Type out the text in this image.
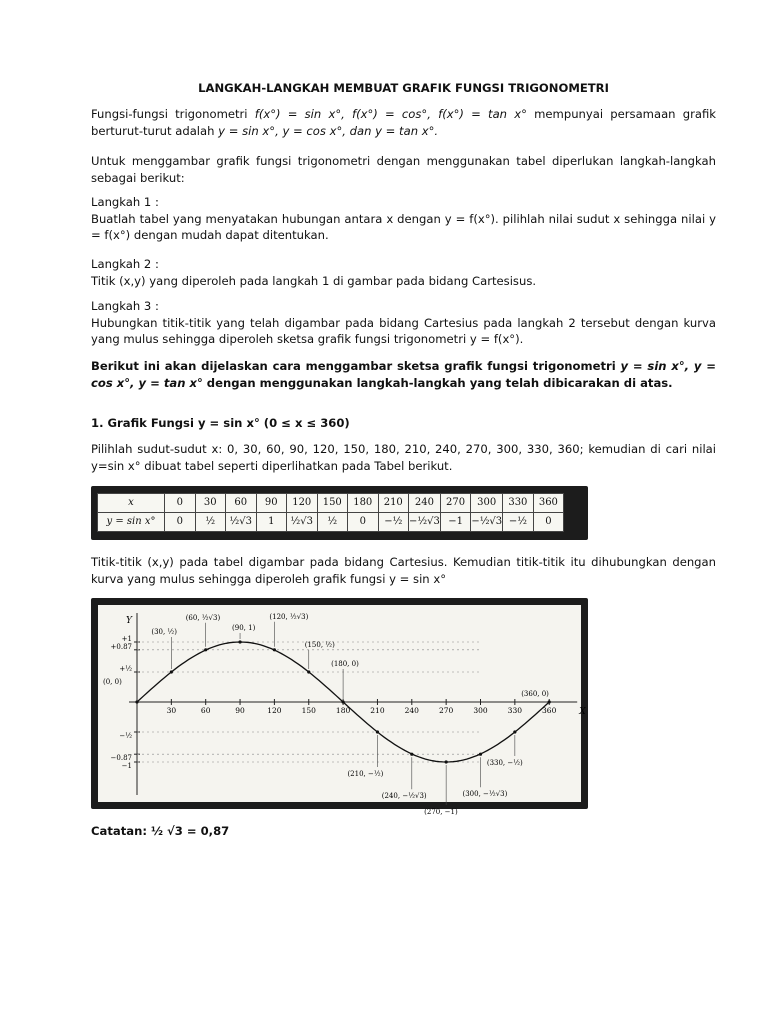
LANGKAH-LANGKAH MEMBUAT GRAFIK FUNGSI TRIGONOMETRI

Fungsi-fungsi trigonometri f(x°) = sin x°, f(x°) = cos°, f(x°) = tan x° mempunyai persamaan grafik berturut-turut adalah y = sin x°, y = cos x°, dan y = tan x°.

Untuk menggambar grafik fungsi trigonometri dengan menggunakan tabel diperlukan langkah-langkah sebagai berikut:

Langkah 1 :
Buatlah tabel yang menyatakan hubungan antara x dengan y = f(x°). pilihlah nilai sudut x sehingga nilai y = f(x°) dengan mudah dapat ditentukan.

Langkah 2 :
Titik (x,y) yang diperoleh pada langkah 1 di gambar pada bidang Cartesisus.

Langkah 3 :
Hubungkan titik-titik yang telah digambar pada bidang Cartesius pada langkah 2 tersebut dengan kurva yang mulus sehingga diperoleh sketsa grafik fungsi trigonometri y = f(x°).

Berikut ini akan dijelaskan cara menggambar sketsa grafik fungsi trigonometri y = sin x°, y = cos x°, y = tan x° dengan menggunakan langkah-langkah yang telah dibicarakan di atas.

1. Grafik Fungsi y = sin x° (0 ≤ x ≤ 360)

Pilihlah sudut-sudut x: 0, 30, 60, 90, 120, 150, 180, 210, 240, 270, 300, 330, 360; kemudian di cari nilai y=sin x° dibuat tabel seperti diperlihatkan pada Tabel berikut.

x	0	30	60	90	120	150	180	210	240	270	300	330	360
y = sin x°	0	½	½√3	1	½√3	½	0	−½	−½√3	−1	−½√3	−½	0

Titik-titik (x,y) pada tabel digambar pada bidang Cartesius. Kemudian titik-titik itu dihubungkan dengan kurva yang mulus sehingga diperoleh grafik fungsi y = sin x°

X
Y
30	60	90	120	150	180	210	240	270	300	330	360
+1
+0.87
+½
−½
−0.87
−1
(0, 0)
(30, ½)
(60, ½√3)
(90, 1)
(120, ½√3)
(150, ½)
(180, 0)
(210, −½)
(240, −½√3)
(270, −1)
(300, −½√3)
(330, −½)
(360, 0)

Catatan: ½ √3 = 0,87
